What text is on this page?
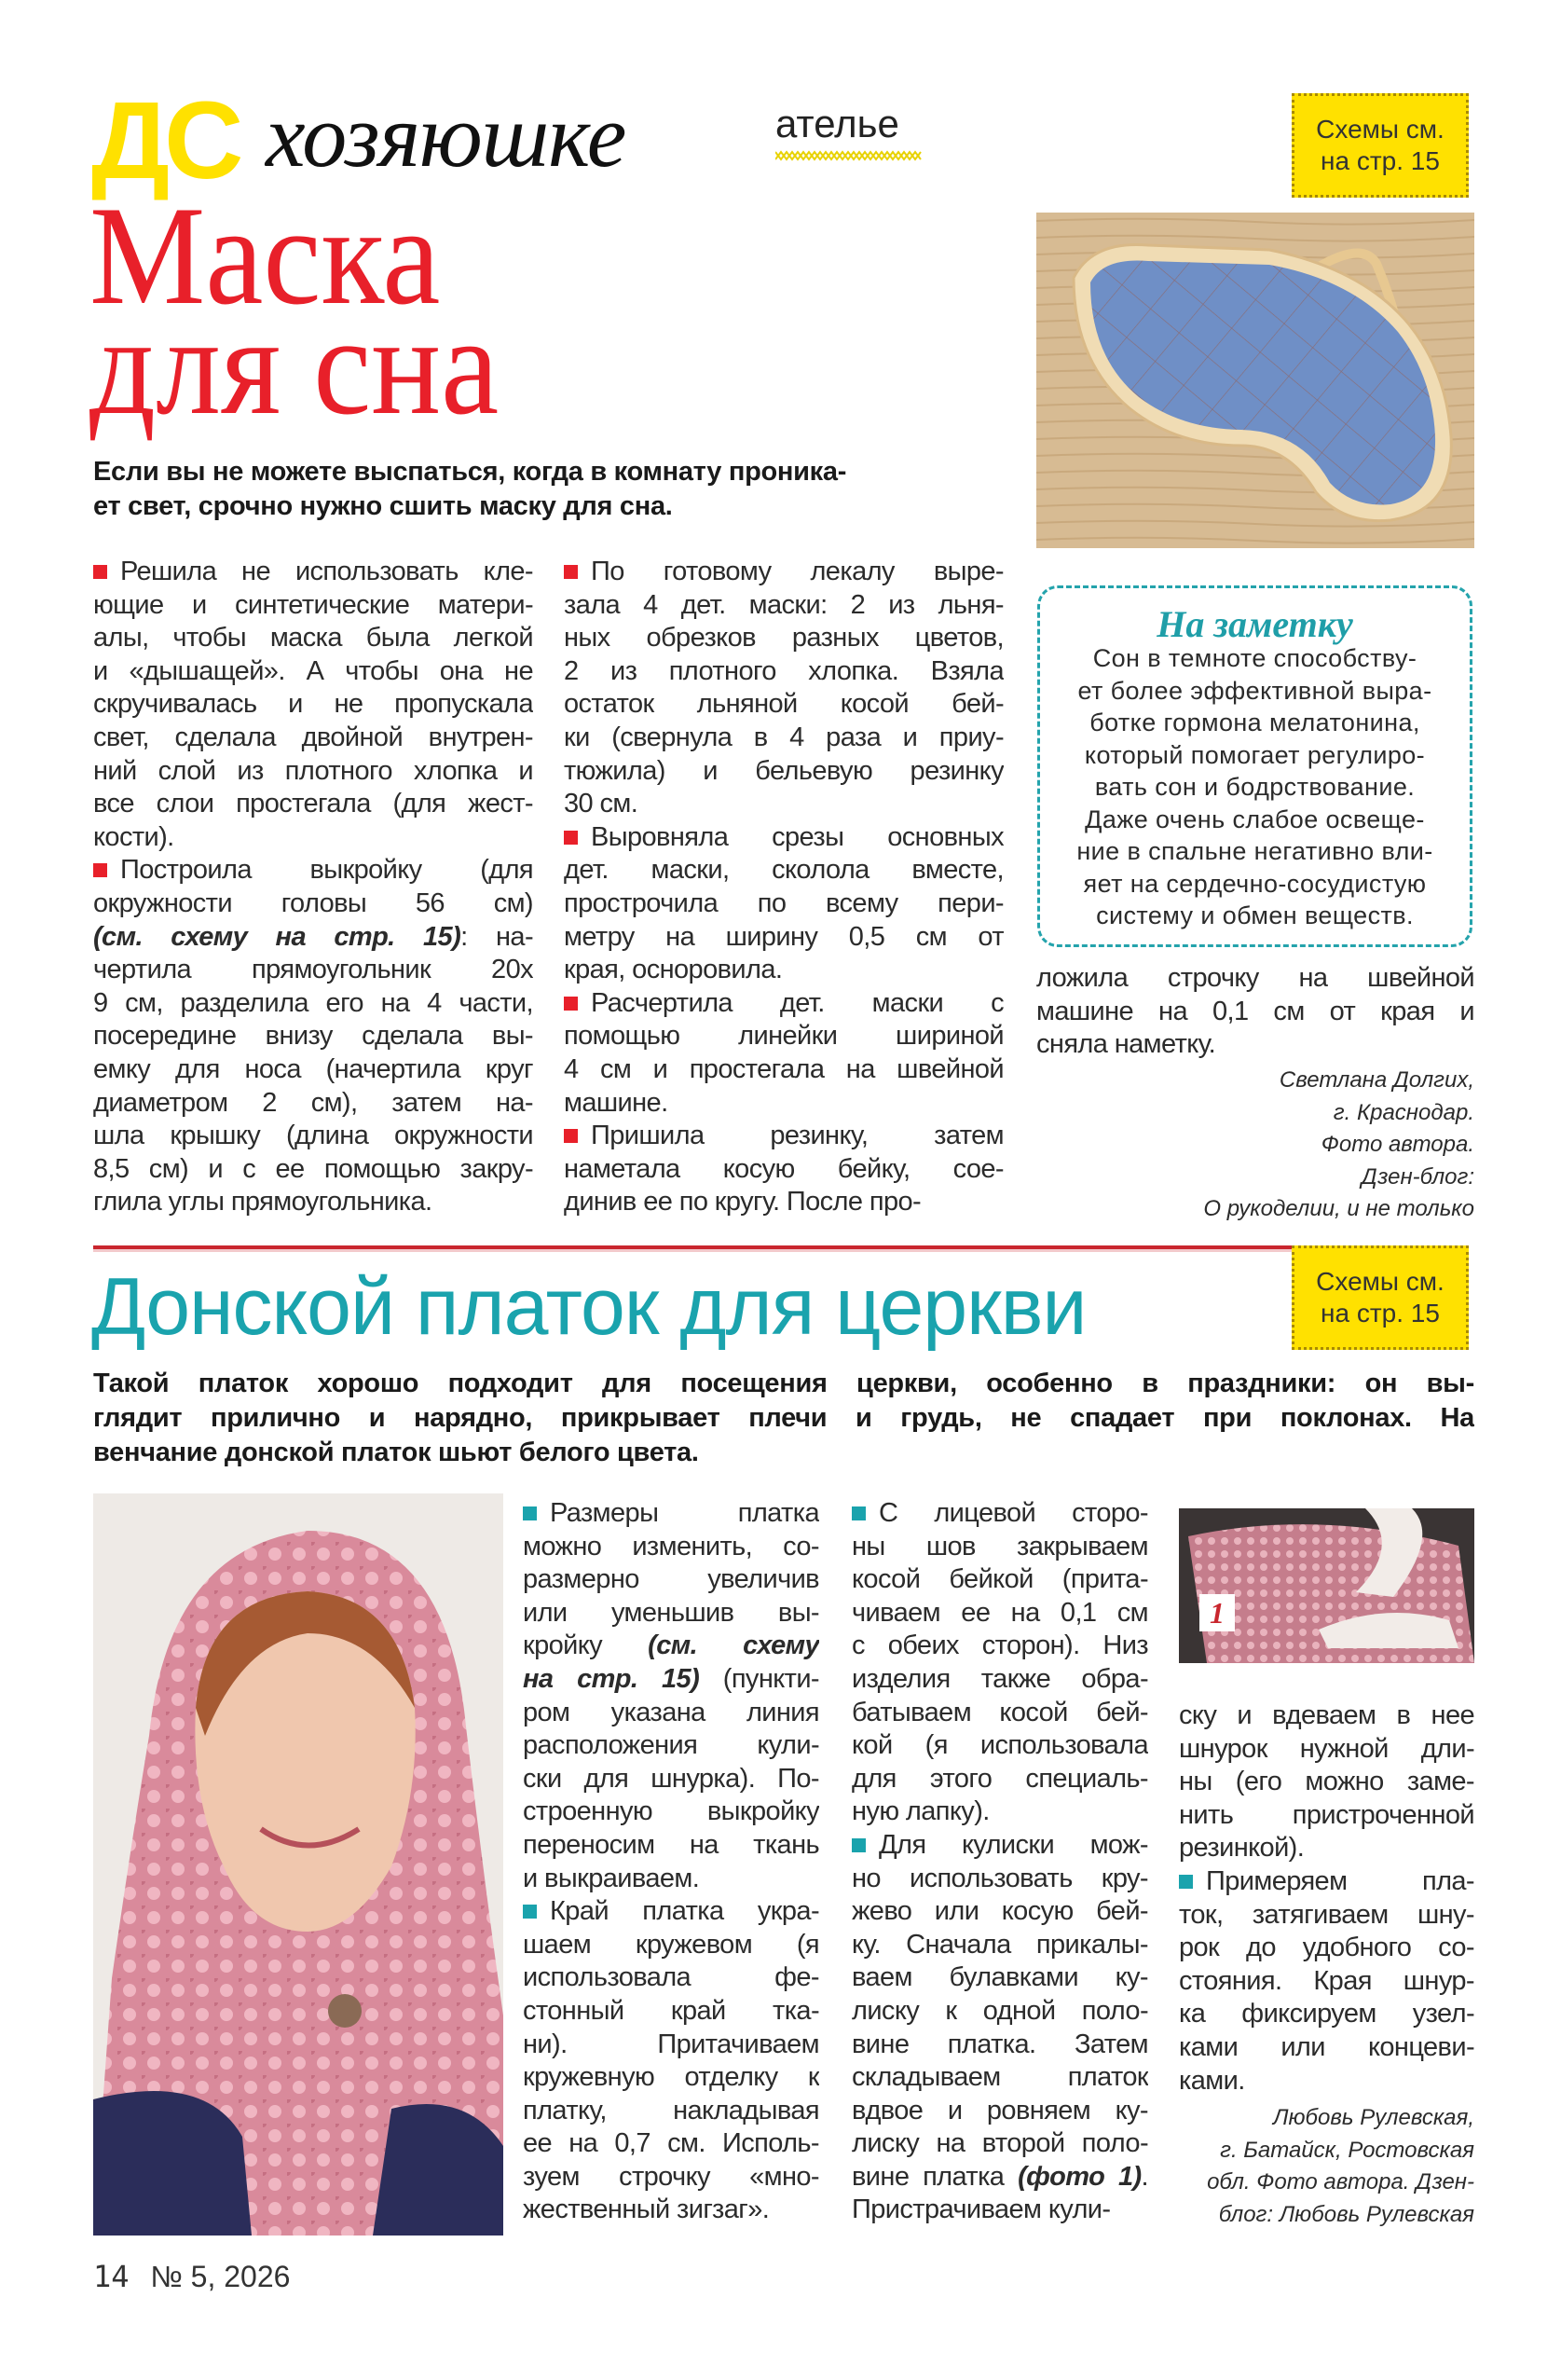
ДС хозяюшке	ателье	Схемы см.
на стр. 15
Маска
для сна
Если вы не можете выспаться, когда в комнату проника-
ет свет, срочно нужно сшить маску для сна.
Решила не использовать кле-
ющие и синтетические матери-
алы, чтобы маска была легкой
и «дышащей». А чтобы она не
скручивалась и не пропускала
свет, сделала двойной внутрен-
ний слой из плотного хлопка и
все слои простегала (для жест-
кости).
Построила выкройку (для
окружности головы 56 см)
(см. схему на стр. 15): на-
чертила прямоугольник 20х
9 см, разделила его на 4 части,
посередине внизу сделала вы-
емку для носа (начертила круг
диаметром 2 см), затем на-
шла крышку (длина окружности
8,5 см) и с ее помощью закру-
глила углы прямоугольника.
По готовому лекалу выре-
зала 4 дет. маски: 2 из льня-
ных обрезков разных цветов,
2 из плотного хлопка. Взяла
остаток льняной косой бей-
ки (свернула в 4 раза и приу-
тюжила) и бельевую резинку
30 см.
Выровняла срезы основных
дет. маски, сколола вместе,
прострочила по всему пери-
метру на ширину 0,5 см от
края, осноровила.
Расчертила дет. маски с
помощью линейки шириной
4 см и простегала на швейной
машине.
Пришила резинку, затем
наметала косую бейку, сое-
динив ее по кругу. После про-
На заметку
Сон в темноте способству-
ет более эффективной выра-
ботке гормона мелатонина,
который помогает регулиро-
вать сон и бодрствование.
Даже очень слабое освеще-
ние в спальне негативно вли-
яет на сердечно-сосудистую
систему и обмен веществ.
ложила строчку на швейной
машине на 0,1 см от края и
сняла наметку.
Светлана Долгих,
г. Краснодар.
Фото автора.
Дзен-блог:
О рукоделии, и не только
Схемы см.
на стр. 15
Донской платок для церкви
Такой платок хорошо подходит для посещения церкви, особенно в праздники: он вы-
глядит прилично и нарядно, прикрывает плечи и грудь, не спадает при поклонах. На
венчание донской платок шьют белого цвета.
Размеры платка
можно изменить, со-
размерно увеличив
или уменьшив вы-
кройку (см. схему
на стр. 15) (пункти-
ром указана линия
расположения кули-
ски для шнурка). По-
строенную выкройку
переносим на ткань
и выкраиваем.
Край платка укра-
шаем кружевом (я
использовала фе-
стонный край тка-
ни). Притачиваем
кружевную отделку к
платку, накладывая
ее на 0,7 см. Исполь-
зуем строчку «мно-
жественный зигзаг».
С лицевой сторо-
ны шов закрываем
косой бейкой (прита-
чиваем ее на 0,1 см
с обеих сторон). Низ
изделия также обра-
батываем косой бей-
кой (я использовала
для этого специаль-
ную лапку).
Для кулиски мож-
но использовать кру-
жево или косую бей-
ку. Сначала прикалы-
ваем булавками ку-
лиску к одной поло-
вине платка. Затем
складываем платок
вдвое и ровняем ку-
лиску на второй поло-
вине платка (фото 1).
Пристрачиваем кули-
1
ску и вдеваем в нее
шнурок нужной дли-
ны (его можно заме-
нить пристроченной
резинкой).
Примеряем пла-
ток, затягиваем шну-
рок до удобного со-
стояния. Края шнур-
ка фиксируем узел-
ками или концеви-
ками.
Любовь Рулевская,
г. Батайск, Ростовская
обл. Фото автора. Дзен-
блог: Любовь Рулевская
14 № 5, 2026
